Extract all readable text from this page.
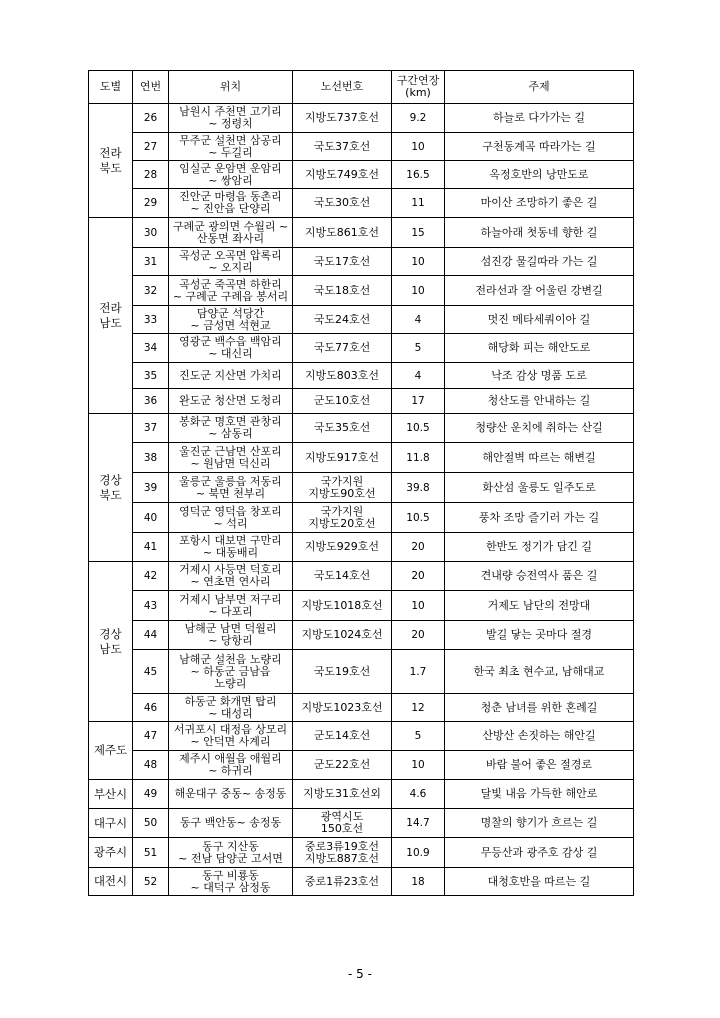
도별	연번	위치	노선번호	구간연장
(km)	주제
전라
북도	26	남원시 주천면 고기리
~ 정령치	지방도737호선	9.2	하늘로 다가가는 길
	27	무주군 설천면 삼공리
~ 두길리	국도37호선	10	구천동계곡 따라가는 길
	28	임실군 운암면 운암리
~ 쌍암리	지방도749호선	16.5	옥정호반의 낭만도로
	29	진안군 마령읍 동촌리
~ 진안읍 단양리	국도30호선	11	마이산 조망하기 좋은 길
전라
남도	30	구례군 광의면 수월리 ~
산동면 좌사리	지방도861호선	15	하늘아래 첫동네 향한 길
	31	곡성군 오곡면 압록리
~ 오지리	국도17호선	10	섬진강 물길따라 가는 길
	32	곡성군 죽곡면 하한리
~ 구례군 구례읍 봉서리	국도18호선	10	전라선과 잘 어울린 강변길
	33	담양군 석당간
~ 금성면 석현교	국도24호선	4	멋진 메타세쿼이아 길
	34	영광군 백수읍 백암리
~ 대신리	국도77호선	5	해당화 피는 해안도로
	35	진도군 지산면 가치리	지방도803호선	4	낙조 감상 명품 도로
	36	완도군 청산면 도청리	군도10호선	17	청산도를 안내하는 길
경상
북도	37	봉화군 명호면 관창리
~ 삼동리	국도35호선	10.5	청량산 운치에 취하는 산길
	38	울진군 근남면 산포리
~ 원남면 덕신리	지방도917호선	11.8	해안절벽 따르는 해변길
	39	울릉군 울릉읍 저동리
~ 북면 천부리	국가지원
지방도90호선	39.8	화산섬 울릉도 일주도로
	40	영덕군 영덕읍 창포리
~ 석리	국가지원
지방도20호선	10.5	풍차 조망 즐기러 가는 길
	41	포항시 대보면 구만리
~ 대동배리	지방도929호선	20	한반도 정기가 담긴 길
경상
남도	42	거제시 사등면 덕호리
~ 연초면 연사리	국도14호선	20	견내량 승전역사 품은 길
	43	거제시 남부면 저구리
~ 다포리	지방도1018호선	10	거제도 남단의 전망대
	44	남해군 남면 덕월리
~ 당항리	지방도1024호선	20	발길 닿는 곳마다 절경
	45	남해군 설천읍 노량리
~ 하동군 금남읍
노량리	국도19호선	1.7	한국 최초 현수교, 남해대교
	46	하동군 화개면 탑리
~ 대성리	지방도1023호선	12	청춘 남녀를 위한 혼례길
제주도	47	서귀포시 대정읍 상모리
~ 안덕면 사계리	군도14호선	5	산방산 손짓하는 해안길
	48	제주시 애월읍 애월리
~ 하귀리	군도22호선	10	바람 불어 좋은 절경로
부산시	49	해운대구 중동~ 송정동	지방도31호선외	4.6	달빛 내음 가득한 해안로
대구시	50	동구 백안동~ 송정동	광역시도
150호선	14.7	명찰의 향기가 흐르는 길
광주시	51	동구 지산동
~ 전남 담양군 고서면	중로3류19호선
지방도887호선	10.9	무등산과 광주호 감상 길
대전시	52	동구 비룡동
~ 대덕구 삼정동	중로1류23호선	18	대청호반을 따르는 길
- 5 -
